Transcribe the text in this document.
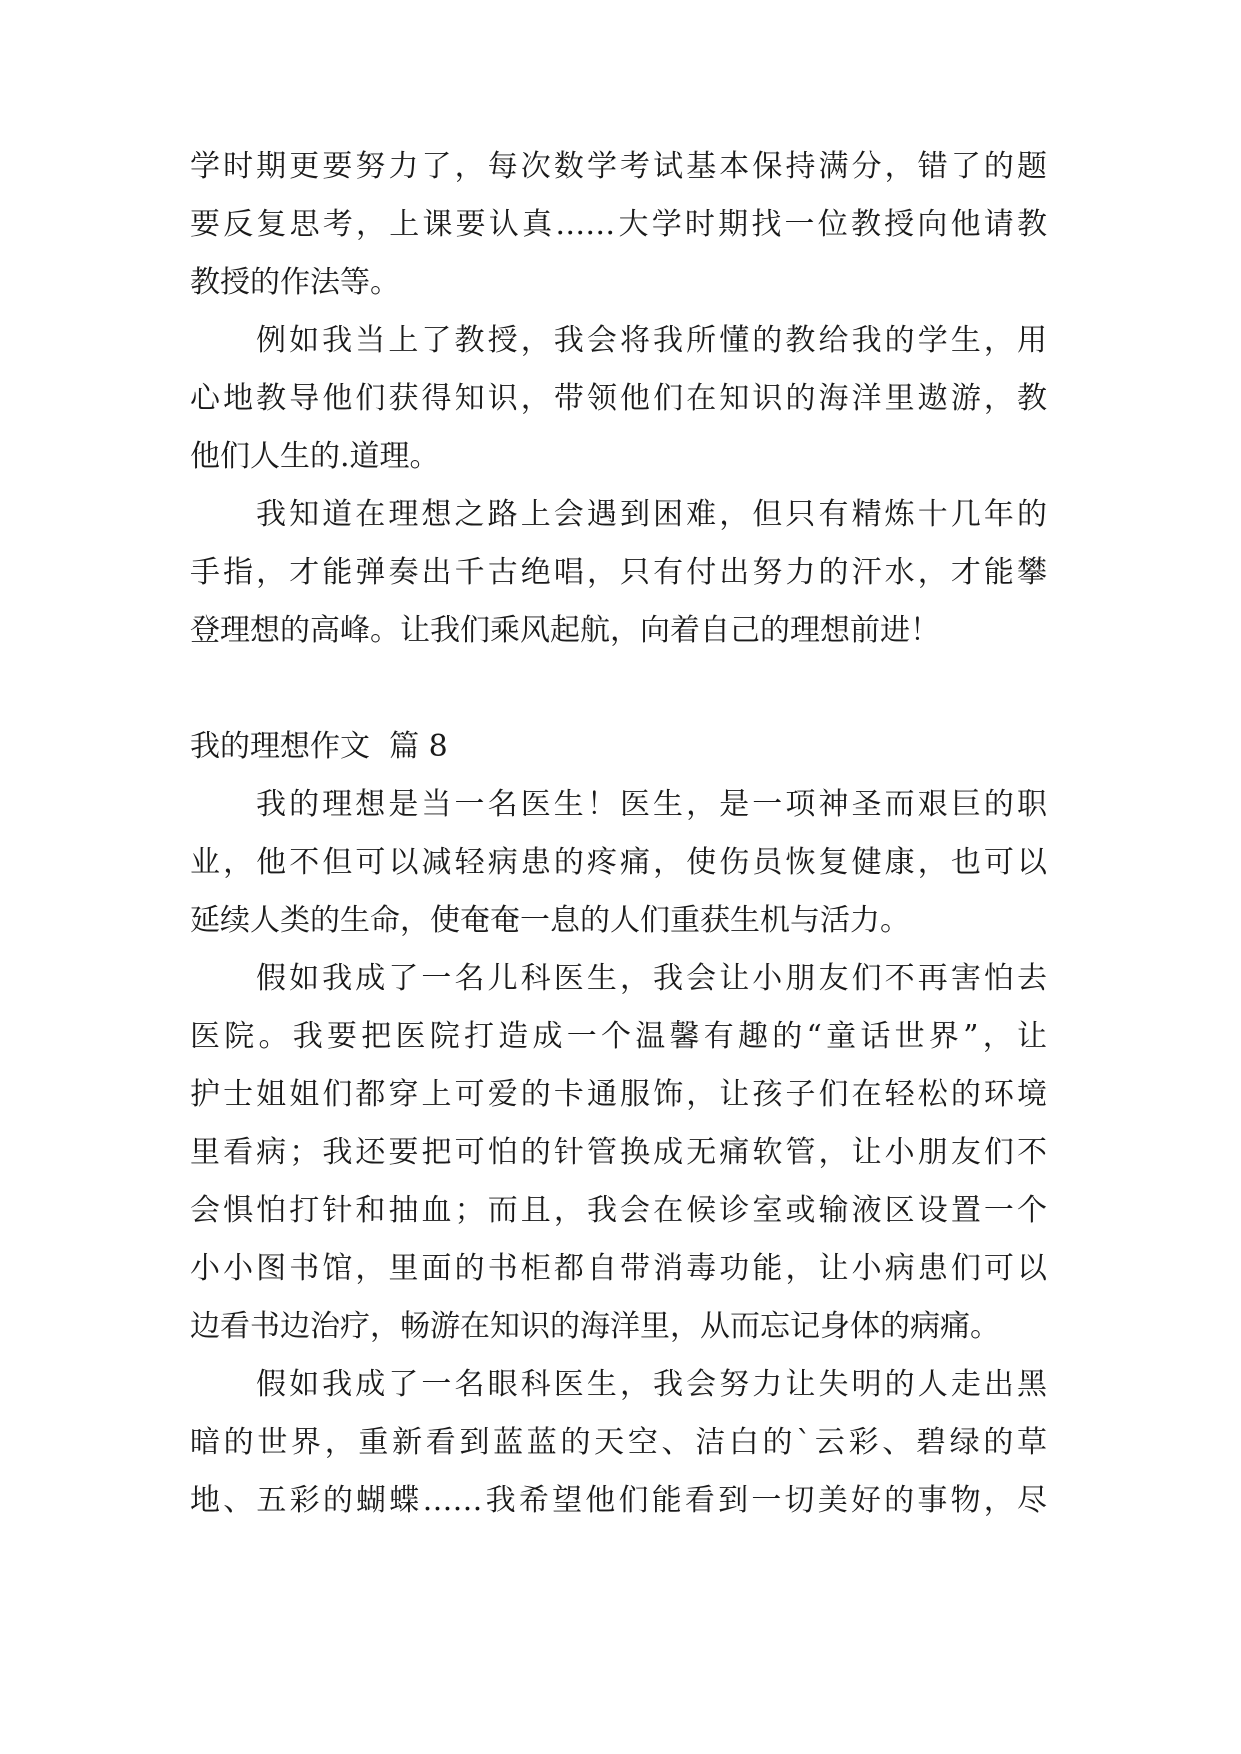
学时期更要努力了，每次数学考试基本保持满分，错了的题
要反复思考，上课要认真……大学时期找一位教授向他请教
教授的作法等。
例如我当上了教授，我会将我所懂的教给我的学生，用
心地教导他们获得知识，带领他们在知识的海洋里遨游，教
他们人生的.道理。
我知道在理想之路上会遇到困难，但只有精炼十几年的
手指，才能弹奏出千古绝唱，只有付出努力的汗水，才能攀
登理想的高峰。让我们乘风起航，向着自己的理想前进！
我的理想作文  篇 8
我的理想是当一名医生！医生，是一项神圣而艰巨的职
业，他不但可以减轻病患的疼痛，使伤员恢复健康，也可以
延续人类的生命，使奄奄一息的人们重获生机与活力。
假如我成了一名儿科医生，我会让小朋友们不再害怕去
医院。我要把医院打造成一个温馨有趣的“童话世界”，让
护士姐姐们都穿上可爱的卡通服饰，让孩子们在轻松的环境
里看病；我还要把可怕的针管换成无痛软管，让小朋友们不
会惧怕打针和抽血；而且，我会在候诊室或输液区设置一个
小小图书馆，里面的书柜都自带消毒功能，让小病患们可以
边看书边治疗，畅游在知识的海洋里，从而忘记身体的病痛。
假如我成了一名眼科医生，我会努力让失明的人走出黑
暗的世界，重新看到蓝蓝的天空、洁白的`云彩、碧绿的草
地、五彩的蝴蝶……我希望他们能看到一切美好的事物，尽
